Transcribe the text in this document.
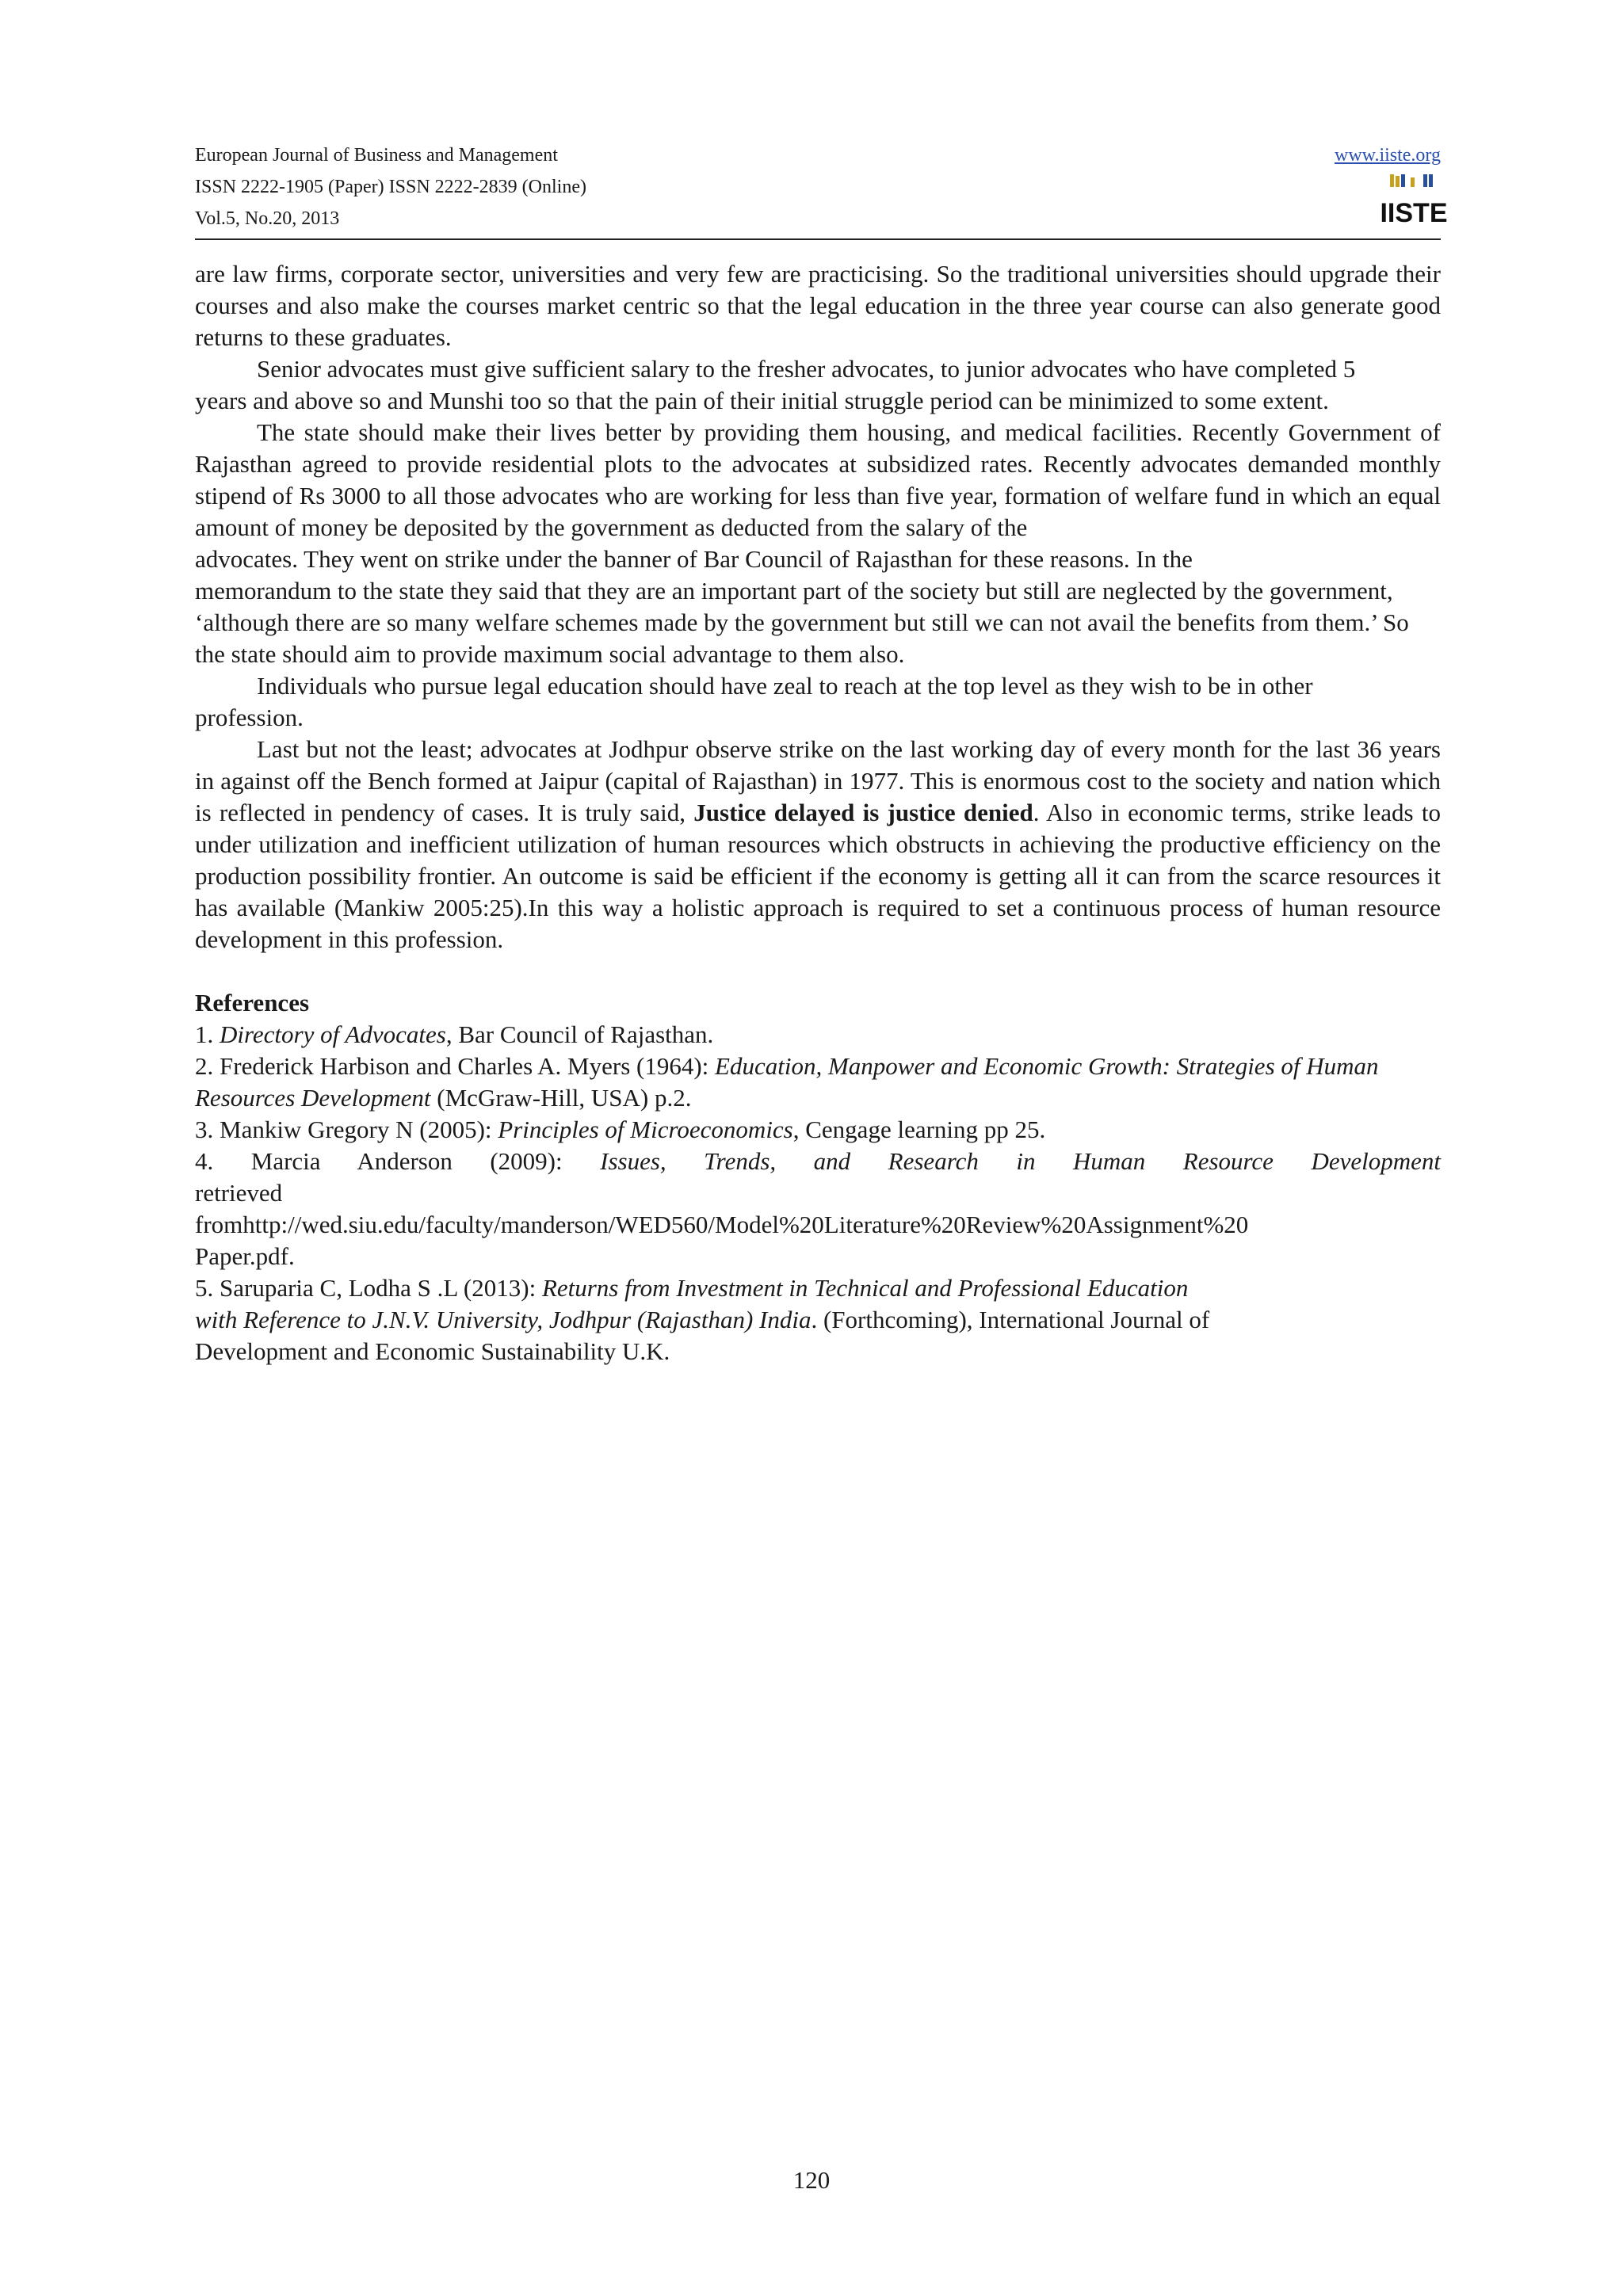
European Journal of Business and Management
ISSN 2222-1905 (Paper) ISSN 2222-2839 (Online)
Vol.5, No.20, 2013
www.iiste.org
IISTE

are law firms, corporate sector, universities and very few are practicising. So the traditional universities should upgrade their courses and also make the courses market centric so that the legal education in the three year course can also generate good returns to these graduates.

Senior advocates must give sufficient salary to the fresher advocates, to junior advocates who have completed 5

years and above so and Munshi too so that the pain of their initial struggle period can be minimized to some extent.

The state should make their lives better by providing them housing, and medical facilities. Recently Government of Rajasthan agreed to provide residential plots to the advocates at subsidized rates. Recently advocates demanded monthly stipend of Rs 3000 to all those advocates who are working for less than five year, formation of welfare fund in which an equal amount of money be deposited by the government as deducted from the salary of the

advocates. They went on strike under the banner of Bar Council of Rajasthan for these reasons. In the

memorandum to the state they said that they are an important part of the society but still are neglected by the government,

‘although there are so many welfare schemes made by the government but still we can not avail the benefits from them.’ So the state should aim to provide maximum social advantage to them also.

Individuals who pursue legal education should have zeal to reach at the top level as they wish to be in other

profession.

Last but not the least; advocates at Jodhpur observe strike on the last working day of every month for the last 36 years in against off the Bench formed at Jaipur (capital of Rajasthan) in 1977. This is enormous cost to the society and nation which is reflected in pendency of cases. It is truly said, Justice delayed is justice denied. Also in economic terms, strike leads to under utilization and inefficient utilization of human resources which obstructs in achieving the productive efficiency on the production possibility frontier. An outcome is said be efficient if the economy is getting all it can from the scarce resources it has available (Mankiw 2005:25).In this way a holistic approach is required to set a continuous process of human resource development in this profession.

References

1. Directory of Advocates, Bar Council of Rajasthan.

2. Frederick Harbison and Charles A. Myers (1964): Education, Manpower and Economic Growth: Strategies of Human Resources Development (McGraw-Hill, USA) p.2.

3. Mankiw Gregory N (2005): Principles of Microeconomics, Cengage learning pp 25.

4. Marcia Anderson (2009): Issues, Trends, and Research in Human Resource Development

retrieved

fromhttp://wed.siu.edu/faculty/manderson/WED560/Model%20Literature%20Review%20Assignment%20

Paper.pdf.

5. Saruparia C, Lodha S .L (2013): Returns from Investment in Technical and Professional Education

with Reference to J.N.V. University, Jodhpur (Rajasthan) India. (Forthcoming), International Journal of

Development and Economic Sustainability U.K.

120
